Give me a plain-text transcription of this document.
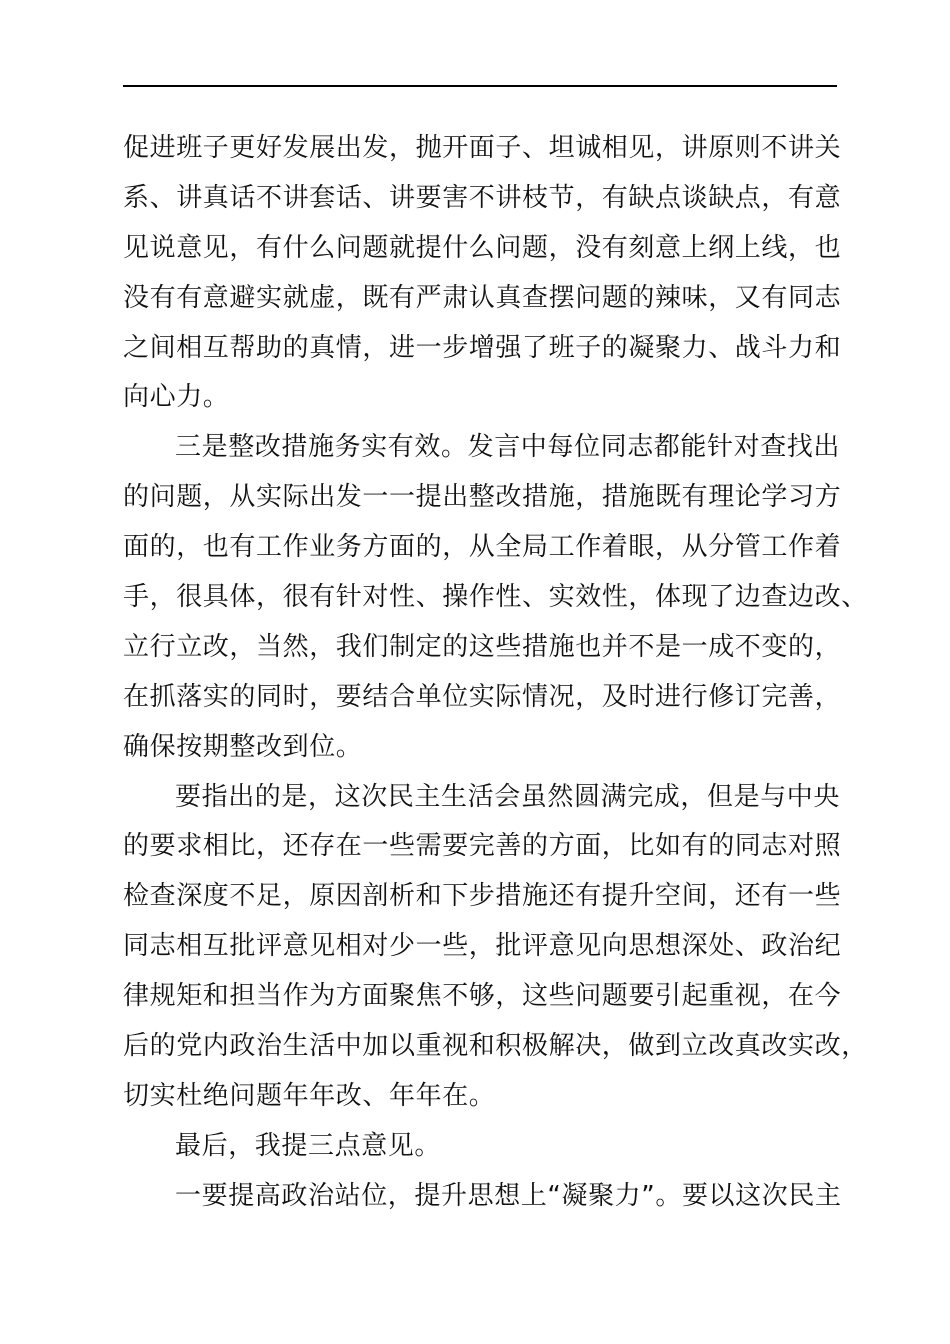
促进班子更好发展出发，抛开面子、坦诚相见，讲原则不讲关
系、讲真话不讲套话、讲要害不讲枝节，有缺点谈缺点，有意
见说意见，有什么问题就提什么问题，没有刻意上纲上线，也
没有有意避实就虚，既有严肃认真查摆问题的辣味，又有同志
之间相互帮助的真情，进一步增强了班子的凝聚力、战斗力和
向心力。
三是整改措施务实有效。发言中每位同志都能针对查找出
的问题，从实际出发一一提出整改措施，措施既有理论学习方
面的，也有工作业务方面的，从全局工作着眼，从分管工作着
手，很具体，很有针对性、操作性、实效性，体现了边查边改、
立行立改，当然，我们制定的这些措施也并不是一成不变的，
在抓落实的同时，要结合单位实际情况，及时进行修订完善，
确保按期整改到位。
要指出的是，这次民主生活会虽然圆满完成，但是与中央
的要求相比，还存在一些需要完善的方面，比如有的同志对照
检查深度不足，原因剖析和下步措施还有提升空间，还有一些
同志相互批评意见相对少一些，批评意见向思想深处、政治纪
律规矩和担当作为方面聚焦不够，这些问题要引起重视，在今
后的党内政治生活中加以重视和积极解决，做到立改真改实改，
切实杜绝问题年年改、年年在。
最后，我提三点意见。
一要提高政治站位，提升思想上“凝聚力”。要以这次民主
